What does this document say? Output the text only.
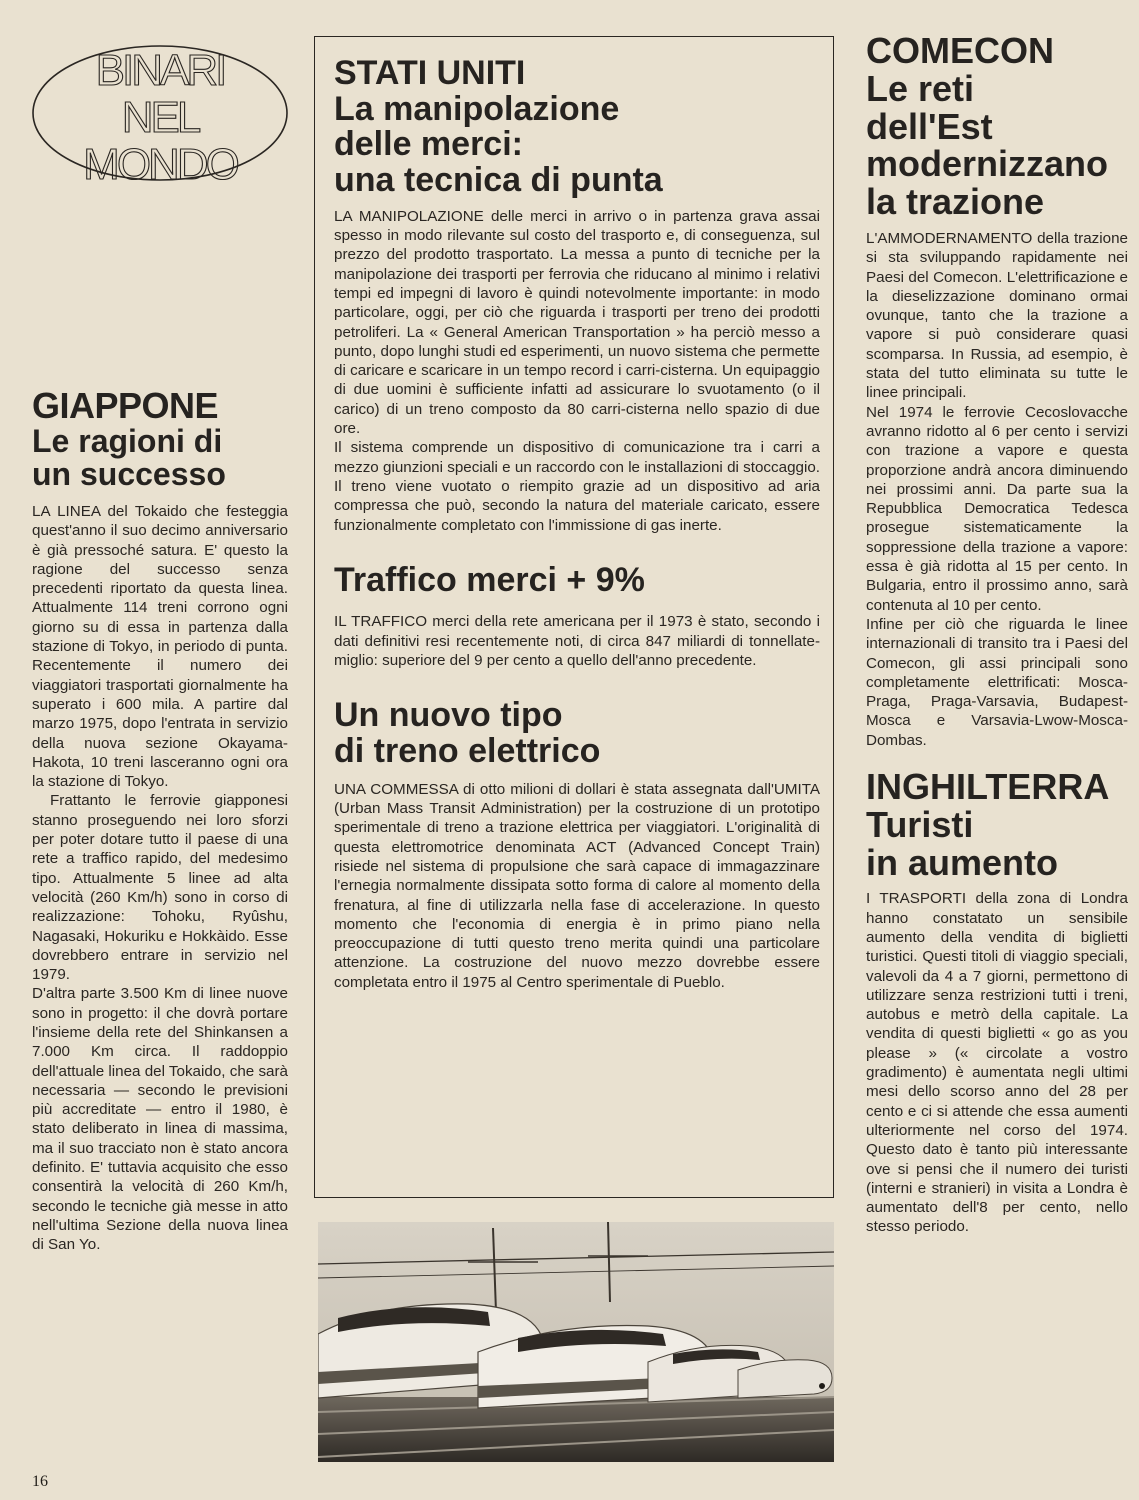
BINARI
NEL
MONDO
GIAPPONE
Le ragioni di
un successo

LA LINEA del Tokaido che festeggia quest'anno il suo decimo anniversario è già pressoché satura. E' questo la ragione del successo senza precedenti riportato da questa linea. Attualmente 114 treni corrono ogni giorno su di essa in partenza dalla stazione di Tokyo, in periodo di punta. Recentemente il numero dei viaggiatori trasportati giornalmente ha superato i 600 mila. A partire dal marzo 1975, dopo l'entrata in servizio della nuova sezione Okayama-Hakota, 10 treni lasceranno ogni ora la stazione di Tokyo.

Frattanto le ferrovie giapponesi stanno proseguendo nei loro sforzi per poter dotare tutto il paese di una rete a traffico rapido, del medesimo tipo. Attualmente 5 linee ad alta velocità (260 Km/h) sono in corso di realizzazione: Tohoku, Ryûshu, Nagasaki, Hokuriku e Hokkàido. Esse dovrebbero entrare in servizio nel 1979.

D'altra parte 3.500 Km di linee nuove sono in progetto: il che dovrà portare l'insieme della rete del Shinkansen a 7.000 Km circa. Il raddoppio dell'attuale linea del Tokaido, che sarà necessaria — secondo le previsioni più accreditate — entro il 1980, è stato deliberato in linea di massima, ma il suo tracciato non è stato ancora definito. E' tuttavia acquisito che esso consentirà la velocità di 260 Km/h, secondo le tecniche già messe in atto nell'ultima Sezione della nuova linea di San Yo.

STATI UNITI
La manipolazione
delle merci:
una tecnica di punta

LA MANIPOLAZIONE delle merci in arrivo o in partenza grava assai spesso in modo rilevante sul costo del trasporto e, di conseguenza, sul prezzo del prodotto trasportato. La messa a punto di tecniche per la manipolazione dei trasporti per ferrovia che riducano al minimo i relativi tempi ed impegni di lavoro è quindi notevolmente importante: in modo particolare, oggi, per ciò che riguarda i trasporti per treno dei prodotti petroliferi. La « General American Transportation » ha perciò messo a punto, dopo lunghi studi ed esperimenti, un nuovo sistema che permette di caricare e scaricare in un tempo record i carri-cisterna. Un equipaggio di due uomini è sufficiente infatti ad assicurare lo svuotamento (o il carico) di un treno composto da 80 carri-cisterna nello spazio di due ore.

Il sistema comprende un dispositivo di comunicazione tra i carri a mezzo giunzioni speciali e un raccordo con le installazioni di stoccaggio. Il treno viene vuotato o riempito grazie ad un dispositivo ad aria compressa che può, secondo la natura del materiale caricato, essere funzionalmente completato con l'immissione di gas inerte.

Traffico merci + 9%

IL TRAFFICO merci della rete americana per il 1973 è stato, secondo i dati definitivi resi recentemente noti, di circa 847 miliardi di tonnellate-miglio: superiore del 9 per cento a quello dell'anno precedente.

Un nuovo tipo
di treno elettrico

UNA COMMESSA di otto milioni di dollari è stata assegnata dall'UMITA (Urban Mass Transit Administration) per la costruzione di un prototipo sperimentale di treno a trazione elettrica per viaggiatori. L'originalità di questa elettromotrice denominata ACT (Advanced Concept Train) risiede nel sistema di propulsione che sarà capace di immagazzinare l'ernegia normalmente dissipata sotto forma di calore al momento della frenatura, al fine di utilizzarla nella fase di accelerazione. In questo momento che l'economia di energia è in primo piano nella preoccupazione di tutti questo treno merita quindi una particolare attenzione. La costruzione del nuovo mezzo dovrebbe essere completata entro il 1975 al Centro sperimentale di Pueblo.

COMECON
Le reti
dell'Est
modernizzano
la trazione

L'AMMODERNAMENTO della trazione si sta sviluppando rapidamente nei Paesi del Comecon. L'elettrificazione e la dieselizzazione dominano ormai ovunque, tanto che la trazione a vapore si può considerare quasi scomparsa. In Russia, ad esempio, è stata del tutto eliminata su tutte le linee principali.

Nel 1974 le ferrovie Cecoslovacche avranno ridotto al 6 per cento i servizi con trazione a vapore e questa proporzione andrà ancora diminuendo nei prossimi anni. Da parte sua la Repubblica Democratica Tedesca prosegue sistematicamente la soppressione della trazione a vapore: essa è già ridotta al 15 per cento. In Bulgaria, entro il prossimo anno, sarà contenuta al 10 per cento.

Infine per ciò che riguarda le linee internazionali di transito tra i Paesi del Comecon, gli assi principali sono completamente elettrificati: Mosca-Praga, Praga-Varsavia, Budapest-Mosca e Varsavia-Lwow-Mosca-Dombas.

INGHILTERRA
Turisti
in aumento

I TRASPORTI della zona di Londra hanno constatato un sensibile aumento della vendita di biglietti turistici. Questi titoli di viaggio speciali, valevoli da 4 a 7 giorni, permettono di utilizzare senza restrizioni tutti i treni, autobus e metrò della capitale. La vendita di questi biglietti « go as you please » (« circolate a vostro gradimento) è aumentata negli ultimi mesi dello scorso anno del 28 per cento e ci si attende che essa aumenti ulteriormente nel corso del 1974. Questo dato è tanto più interessante ove si pensi che il numero dei turisti (interni e stranieri) in visita a Londra è aumentato dell'8 per cento, nello stesso periodo.

16
